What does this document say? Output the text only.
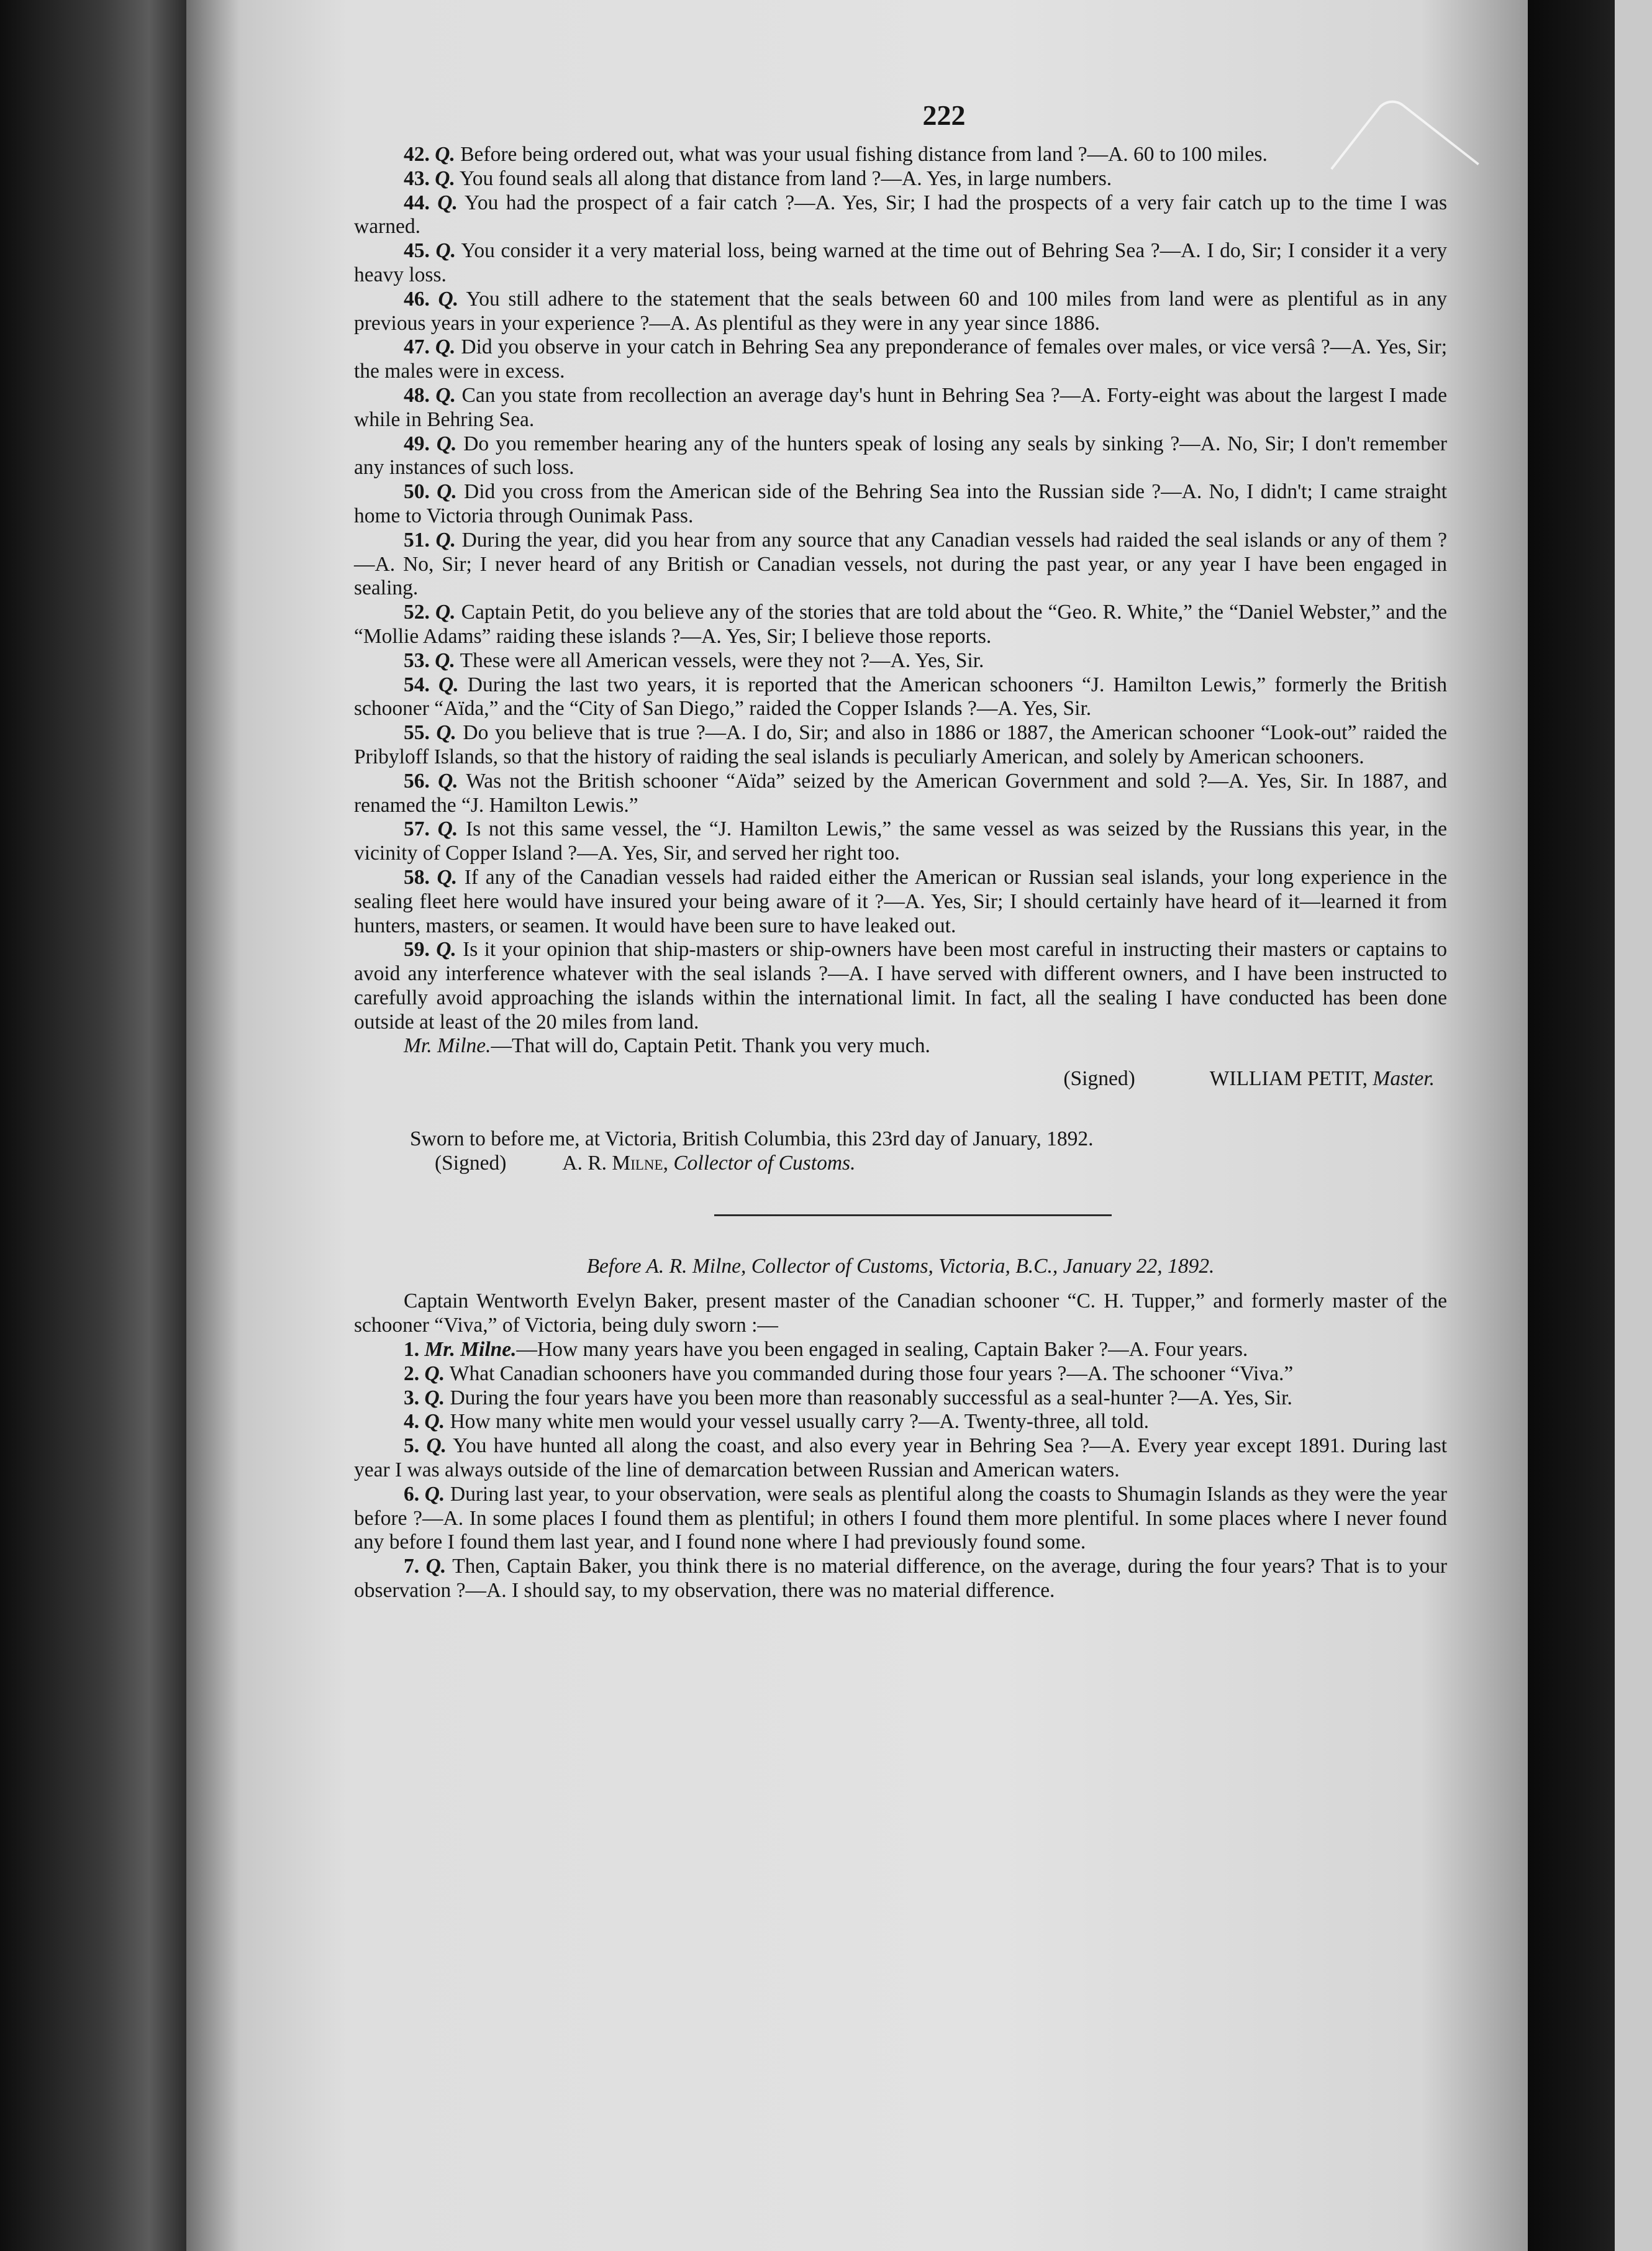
222

42. Q. Before being ordered out, what was your usual fishing distance from land ?—A. 60 to 100 miles.

43. Q. You found seals all along that distance from land ?—A. Yes, in large numbers.

44. Q. You had the prospect of a fair catch ?—A. Yes, Sir; I had the prospects of a very fair catch up to the time I was warned.

45. Q. You consider it a very material loss, being warned at the time out of Behring Sea ?—A. I do, Sir; I consider it a very heavy loss.

46. Q. You still adhere to the statement that the seals between 60 and 100 miles from land were as plentiful as in any previous years in your experience ?—A. As plentiful as they were in any year since 1886.

47. Q. Did you observe in your catch in Behring Sea any preponderance of females over males, or vice versâ ?—A. Yes, Sir; the males were in excess.

48. Q. Can you state from recollection an average day's hunt in Behring Sea ?—A. Forty-eight was about the largest I made while in Behring Sea.

49. Q. Do you remember hearing any of the hunters speak of losing any seals by sinking ?—A. No, Sir; I don't remember any instances of such loss.

50. Q. Did you cross from the American side of the Behring Sea into the Russian side ?—A. No, I didn't; I came straight home to Victoria through Ounimak Pass.

51. Q. During the year, did you hear from any source that any Canadian vessels had raided the seal islands or any of them ?—A. No, Sir; I never heard of any British or Canadian vessels, not during the past year, or any year I have been engaged in sealing.

52. Q. Captain Petit, do you believe any of the stories that are told about the “Geo. R. White,” the “Daniel Webster,” and the “Mollie Adams” raiding these islands ?—A. Yes, Sir; I believe those reports.

53. Q. These were all American vessels, were they not ?—A. Yes, Sir.

54. Q. During the last two years, it is reported that the American schooners “J. Hamilton Lewis,” formerly the British schooner “Aïda,” and the “City of San Diego,” raided the Copper Islands ?—A. Yes, Sir.

55. Q. Do you believe that is true ?—A. I do, Sir; and also in 1886 or 1887, the American schooner “Look-out” raided the Pribyloff Islands, so that the history of raiding the seal islands is peculiarly American, and solely by American schooners.

56. Q. Was not the British schooner “Aïda” seized by the American Government and sold ?—A. Yes, Sir. In 1887, and renamed the “J. Hamilton Lewis.”

57. Q. Is not this same vessel, the “J. Hamilton Lewis,” the same vessel as was seized by the Russians this year, in the vicinity of Copper Island ?—A. Yes, Sir, and served her right too.

58. Q. If any of the Canadian vessels had raided either the American or Russian seal islands, your long experience in the sealing fleet here would have insured your being aware of it ?—A. Yes, Sir; I should certainly have heard of it—learned it from hunters, masters, or seamen. It would have been sure to have leaked out.

59. Q. Is it your opinion that ship-masters or ship-owners have been most careful in instructing their masters or captains to avoid any interference whatever with the seal islands ?—A. I have served with different owners, and I have been instructed to carefully avoid approaching the islands within the international limit. In fact, all the sealing I have conducted has been done outside at least of the 20 miles from land.

Mr. Milne.—That will do, Captain Petit. Thank you very much.

(Signed)	WILLIAM PETIT, Master.

Sworn to before me, at Victoria, British Columbia, this 23rd day of January, 1892.

(Signed)	A. R. Milne, Collector of Customs.

Before A. R. Milne, Collector of Customs, Victoria, B.C., January 22, 1892.

Captain Wentworth Evelyn Baker, present master of the Canadian schooner “C. H. Tupper,” and formerly master of the schooner “Viva,” of Victoria, being duly sworn :—

1. Mr. Milne.—How many years have you been engaged in sealing, Captain Baker ?—A. Four years.

2. Q. What Canadian schooners have you commanded during those four years ?—A. The schooner “Viva.”

3. Q. During the four years have you been more than reasonably successful as a seal-hunter ?—A. Yes, Sir.

4. Q. How many white men would your vessel usually carry ?—A. Twenty-three, all told.

5. Q. You have hunted all along the coast, and also every year in Behring Sea ?—A. Every year except 1891. During last year I was always outside of the line of demarcation between Russian and American waters.

6. Q. During last year, to your observation, were seals as plentiful along the coasts to Shumagin Islands as they were the year before ?—A. In some places I found them as plentiful; in others I found them more plentiful. In some places where I never found any before I found them last year, and I found none where I had previously found some.

7. Q. Then, Captain Baker, you think there is no material difference, on the average, during the four years? That is to your observation ?—A. I should say, to my observation, there was no material difference.
